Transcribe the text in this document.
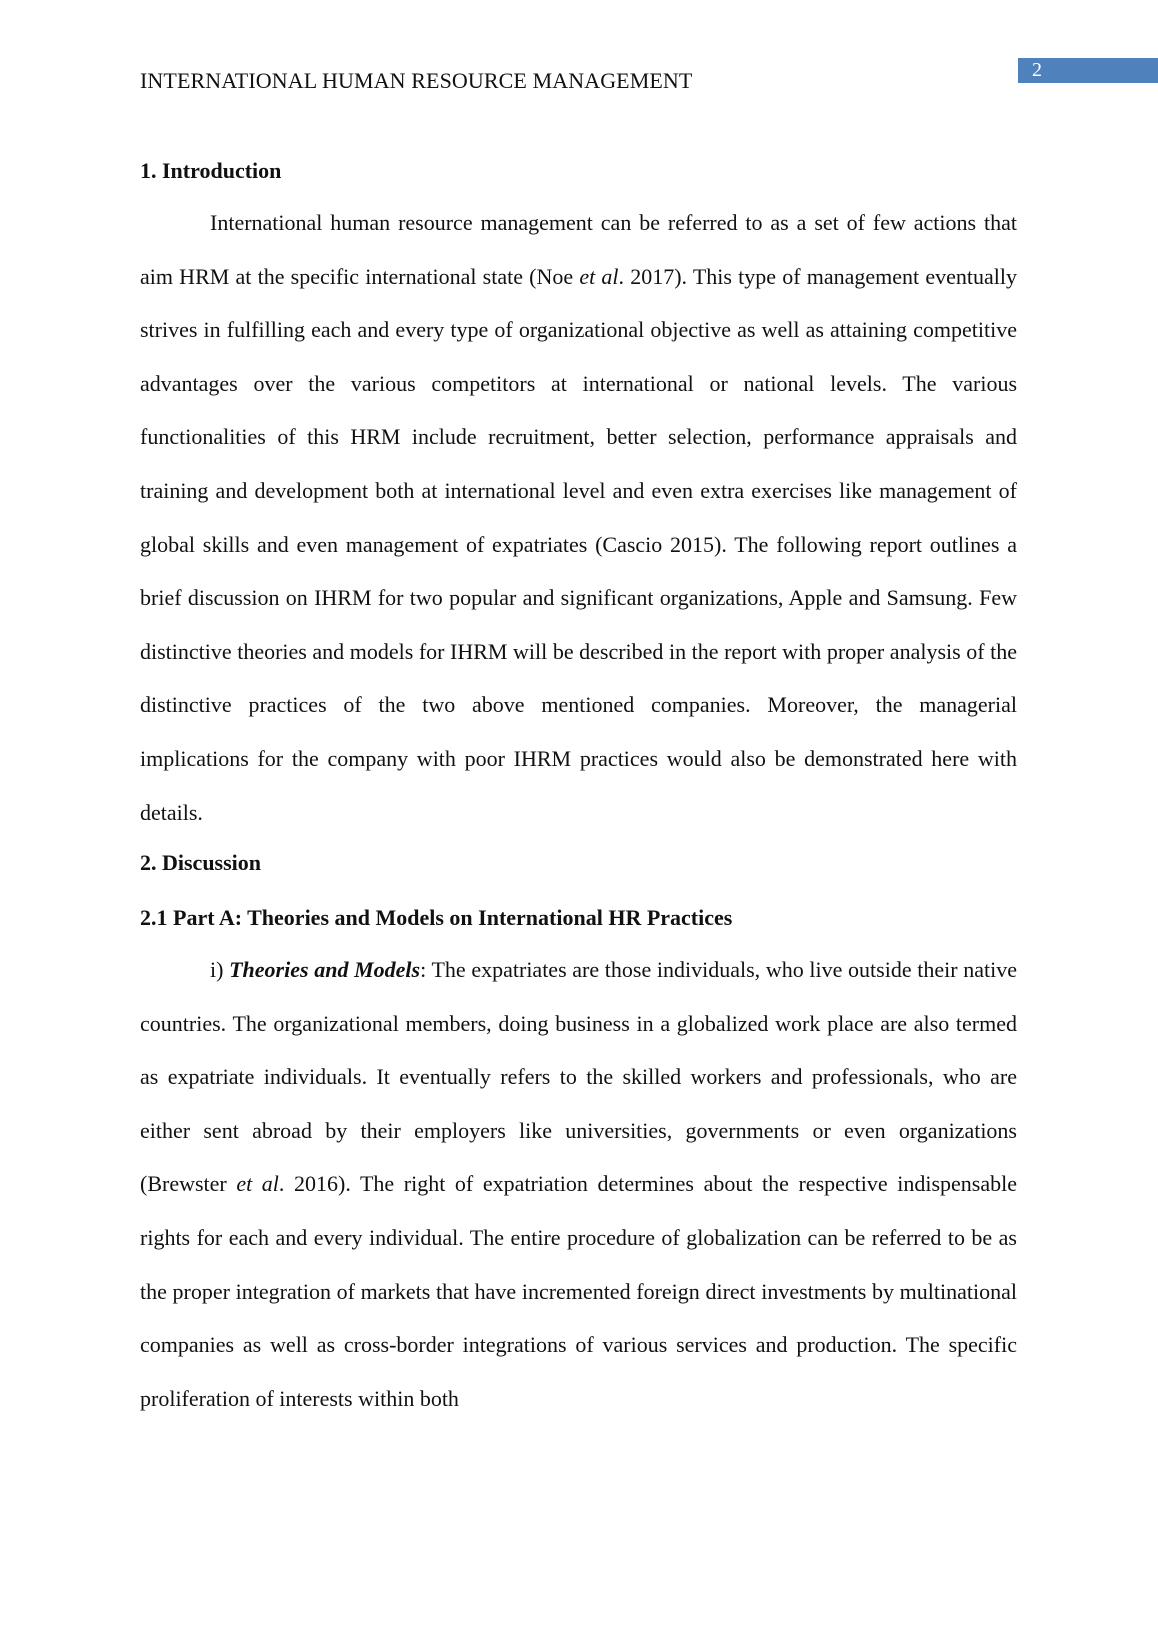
2
INTERNATIONAL HUMAN RESOURCE MANAGEMENT
1. Introduction

International human resource management can be referred to as a set of few actions that aim HRM at the specific international state (Noe et al. 2017). This type of management eventually strives in fulfilling each and every type of organizational objective as well as attaining competitive advantages over the various competitors at international or national levels. The various functionalities of this HRM include recruitment, better selection, performance appraisals and training and development both at international level and even extra exercises like management of global skills and even management of expatriates (Cascio 2015). The following report outlines a brief discussion on IHRM for two popular and significant organizations, Apple and Samsung. Few distinctive theories and models for IHRM will be described in the report with proper analysis of the distinctive practices of the two above mentioned companies. Moreover, the managerial implications for the company with poor IHRM practices would also be demonstrated here with details.

2. Discussion
2.1 Part A: Theories and Models on International HR Practices

i) Theories and Models: The expatriates are those individuals, who live outside their native countries. The organizational members, doing business in a globalized work place are also termed as expatriate individuals. It eventually refers to the skilled workers and professionals, who are either sent abroad by their employers like universities, governments or even organizations (Brewster et al. 2016). The right of expatriation determines about the respective indispensable rights for each and every individual. The entire procedure of globalization can be referred to be as the proper integration of markets that have incremented foreign direct investments by multinational companies as well as cross-border integrations of various services and production. The specific proliferation of interests within both
